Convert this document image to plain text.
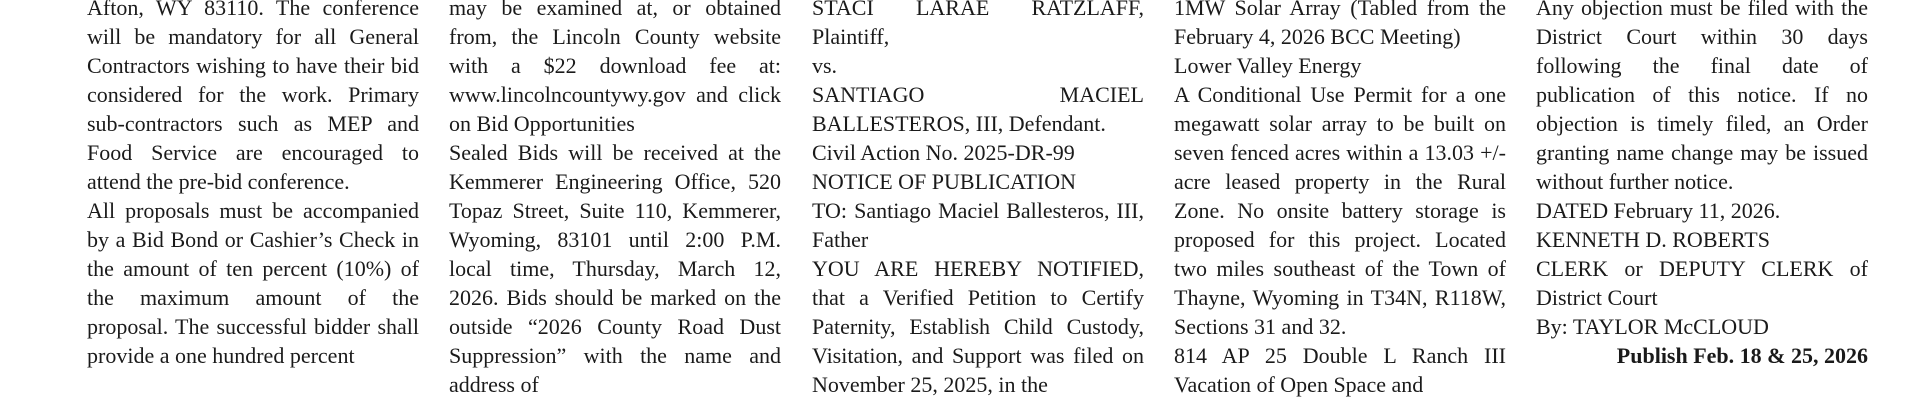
Afton, WY 83110. The conference will be mandatory for all General Contractors wishing to have their bid considered for the work. Primary sub-contractors such as MEP and Food Service are encouraged to attend the pre-bid conference.

All proposals must be accompanied by a Bid Bond or Cashier’s Check in the amount of ten percent (10%) of the maximum amount of the proposal. The successful bidder shall provide a one hundred percent

may be examined at, or obtained from, the Lincoln County website with a $22 download fee at: www.lincolncountywy.gov and click on Bid Opportunities

Sealed Bids will be received at the Kemmerer Engineering Office, 520 Topaz Street, Suite 110, Kemmerer, Wyoming, 83101 until 2:00 P.M. local time, Thursday, March 12, 2026. Bids should be marked on the outside “2026 County Road Dust Suppression” with the name and address of

STACI LARAE RATZLAFF, Plaintiff,

vs.

SANTIAGO MACIEL BALLESTEROS, III, Defendant.

Civil Action No. 2025-DR-99

NOTICE OF PUBLICATION

TO: Santiago Maciel Ballesteros, III, Father

YOU ARE HEREBY NOTIFIED, that a Verified Petition to Certify Paternity, Establish Child Custody, Visitation, and Support was filed on November 25, 2025, in the

1MW Solar Array (Tabled from the February 4, 2026 BCC Meeting)

Lower Valley Energy

A Conditional Use Permit for a one megawatt solar array to be built on seven fenced acres within a 13.03 +/- acre leased property in the Rural Zone. No onsite battery storage is proposed for this project. Located two miles southeast of the Town of Thayne, Wyoming in T34N, R118W, Sections 31 and 32.

814 AP 25 Double L Ranch III Vacation of Open Space and

Any objection must be filed with the District Court within 30 days following the final date of publication of this notice. If no objection is timely filed, an Order granting name change may be issued without further notice.

DATED February 11, 2026.

KENNETH D. ROBERTS

CLERK or DEPUTY CLERK of District Court

By: TAYLOR McCLOUD

Publish Feb. 18 & 25, 2026
